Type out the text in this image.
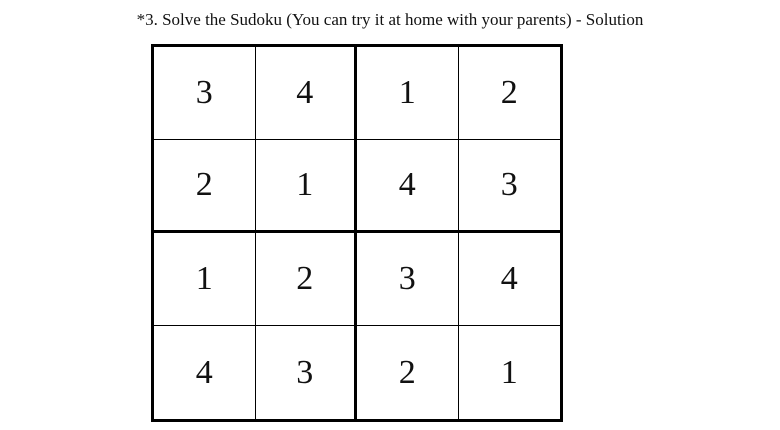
*3. Solve the Sudoku (You can try it at home with your parents) - Solution
3	4	1	2
2	1	4	3
1	2	3	4
4	3	2	1
